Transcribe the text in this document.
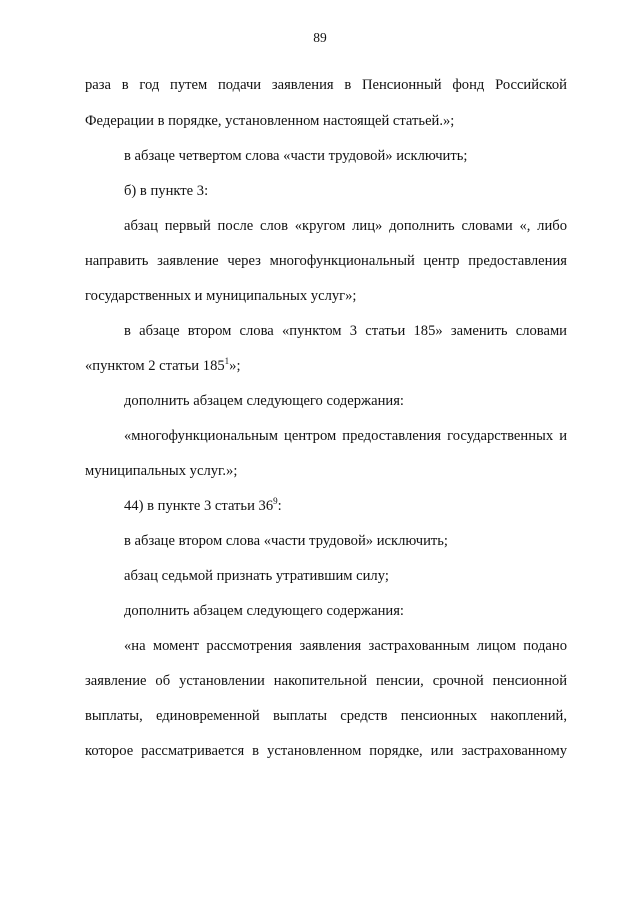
89
раза в год путем подачи заявления в Пенсионный фонд Российской
Федерации в порядке, установленном настоящей статьей.»;
в абзаце четвертом слова «части трудовой» исключить;
б) в пункте 3:
абзац первый после слов «кругом лиц» дополнить словами «, либо
направить заявление через многофункциональный центр предоставления
государственных и муниципальных услуг»;
в абзаце втором слова «пунктом 3 статьи 185» заменить словами
«пунктом 2 статьи $185^1$»;
дополнить абзацем следующего содержания:
«многофункциональным центром предоставления государственных и
муниципальных услуг.»;
44) в пункте 3 статьи $36^9$:
в абзаце втором слова «части трудовой» исключить;
абзац седьмой признать утратившим силу;
дополнить абзацем следующего содержания:
«на момент рассмотрения заявления застрахованным лицом подано
заявление об установлении накопительной пенсии, срочной пенсионной
выплаты, единовременной выплаты средств пенсионных накоплений,
которое рассматривается в установленном порядке, или застрахованному
